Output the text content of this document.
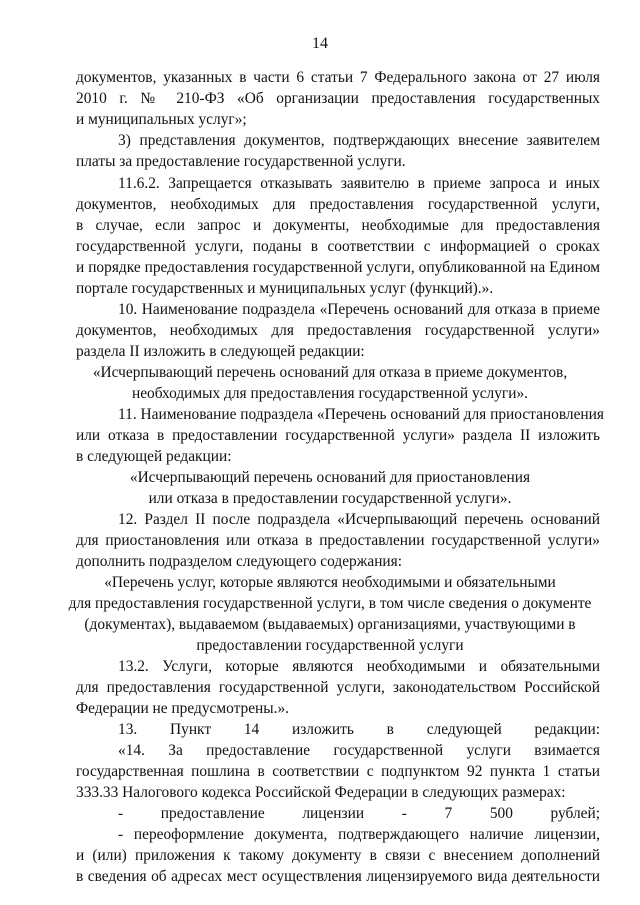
14
документов, указанных в части 6 статьи 7 Федерального закона от 27 июля
2010 г. № 210-ФЗ «Об организации предоставления государственных
и муниципальных услуг»;
3) представления документов, подтверждающих внесение заявителем
платы за предоставление государственной услуги.
11.6.2. Запрещается отказывать заявителю в приеме запроса и иных
документов, необходимых для предоставления государственной услуги,
в случае, если запрос и документы, необходимые для предоставления
государственной услуги, поданы в соответствии с информацией о сроках
и порядке предоставления государственной услуги, опубликованной на Едином
портале государственных и муниципальных услуг (функций).».
10. Наименование подраздела «Перечень оснований для отказа в приеме
документов, необходимых для предоставления государственной услуги»
раздела II изложить в следующей редакции:
«Исчерпывающий перечень оснований для отказа в приеме документов,
необходимых для предоставления государственной услуги».
11. Наименование подраздела «Перечень оснований для приостановления
или отказа в предоставлении государственной услуги» раздела II изложить
в следующей редакции:
«Исчерпывающий перечень оснований для приостановления
или отказа в предоставлении государственной услуги».
12. Раздел II после подраздела «Исчерпывающий перечень оснований
для приостановления или отказа в предоставлении государственной услуги»
дополнить подразделом следующего содержания:
«Перечень услуг, которые являются необходимыми и обязательными
для предоставления государственной услуги, в том числе сведения о документе
(документах), выдаваемом (выдаваемых) организациями, участвующими в
предоставлении государственной услуги
13.2. Услуги, которые являются необходимыми и обязательными
для предоставления государственной услуги, законодательством Российской
Федерации не предусмотрены.».
13. Пункт 14 изложить в следующей редакции:
«14. За предоставление государственной услуги взимается
государственная пошлина в соответствии с подпунктом 92 пункта 1 статьи
333.33 Налогового кодекса Российской Федерации в следующих размерах:
- предоставление лицензии - 7 500 рублей;
- переоформление документа, подтверждающего наличие лицензии,
и (или) приложения к такому документу в связи с внесением дополнений
в сведения об адресах мест осуществления лицензируемого вида деятельности
